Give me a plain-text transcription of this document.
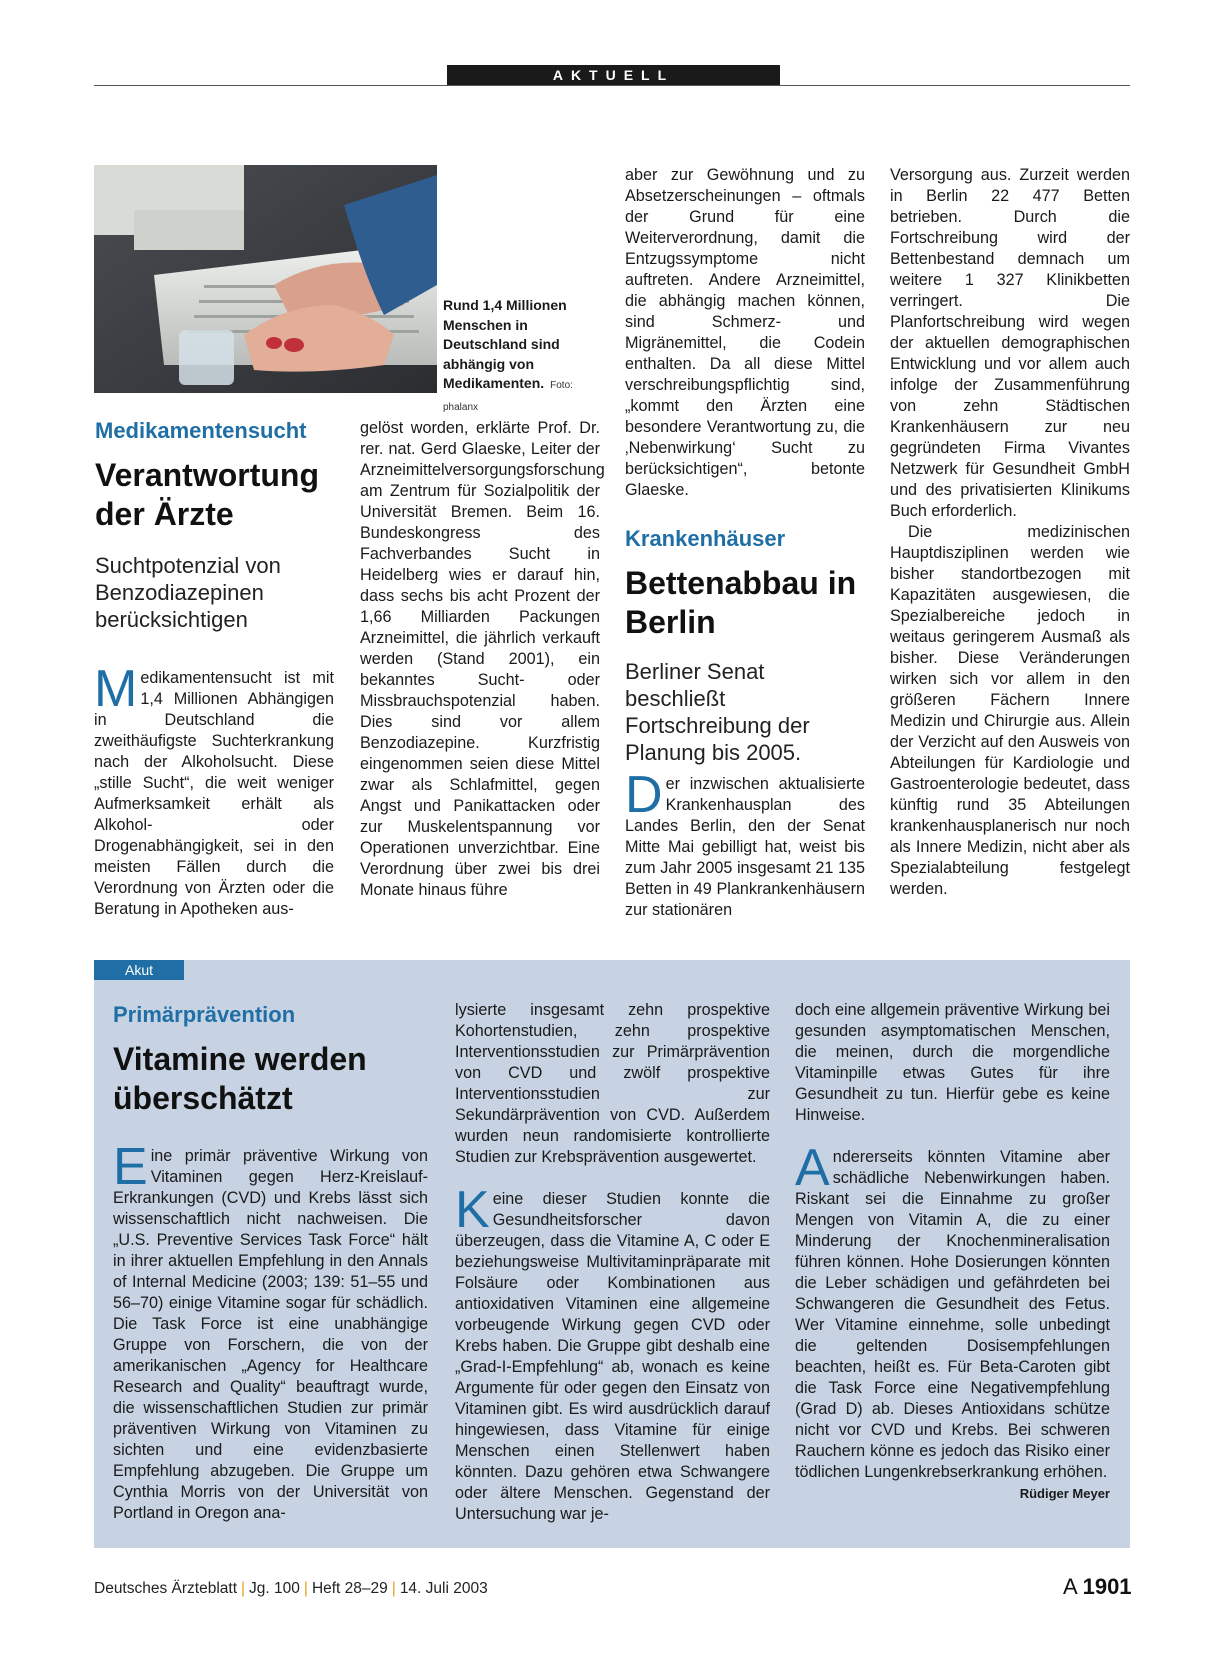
AKTUELL
Rund 1,4 Millionen Menschen in Deutschland sind abhängig von Medikamenten. Foto: phalanx
Medikamentensucht
Verantwortung der Ärzte
Suchtpotenzial von Benzodiazepinen berücksichtigen
Medikamentensucht ist mit 1,4 Millionen Abhängigen in Deutschland die zweithäufigste Suchterkrankung nach der Alkoholsucht. Diese „stille Sucht“, die weit weniger Aufmerksamkeit erhält als Alkohol- oder Drogenabhängigkeit, sei in den meisten Fällen durch die Verordnung von Ärzten oder die Beratung in Apotheken aus-
gelöst worden, erklärte Prof. Dr. rer. nat. Gerd Glaeske, Leiter der Arzneimittelversorgungsforschung am Zentrum für Sozialpolitik der Universität Bremen. Beim 16. Bundeskongress des Fachverbandes Sucht in Heidelberg wies er darauf hin, dass sechs bis acht Prozent der 1,66 Milliarden Packungen Arzneimittel, die jährlich verkauft werden (Stand 2001), ein bekanntes Sucht- oder Missbrauchspotenzial haben. Dies sind vor allem Benzodiazepine. Kurzfristig eingenommen seien diese Mittel zwar als Schlafmittel, gegen Angst und Panikattacken oder zur Muskelentspannung vor Operationen unverzichtbar. Eine Verordnung über zwei bis drei Monate hinaus führe
aber zur Gewöhnung und zu Absetzerscheinungen – oftmals der Grund für eine Weiterverordnung, damit die Entzugssymptome nicht auftreten. Andere Arzneimittel, die abhängig machen können, sind Schmerz- und Migränemittel, die Codein enthalten. Da all diese Mittel verschreibungspflichtig sind, „kommt den Ärzten eine besondere Verantwortung zu, die ‚Nebenwirkung‘ Sucht zu berücksichtigen“, betonte Glaeske.
Krankenhäuser
Bettenabbau in Berlin
Berliner Senat beschließt Fortschreibung der Planung bis 2005.
Der inzwischen aktualisierte Krankenhausplan des Landes Berlin, den der Senat Mitte Mai gebilligt hat, weist bis zum Jahr 2005 insgesamt 21 135 Betten in 49 Plankrankenhäusern zur stationären
Versorgung aus. Zurzeit werden in Berlin 22 477 Betten betrieben. Durch die Fortschreibung wird der Bettenbestand demnach um weitere 1 327 Klinikbetten verringert. Die Planfortschreibung wird wegen der aktuellen demographischen Entwicklung und vor allem auch infolge der Zusammenführung von zehn Städtischen Krankenhäusern zur neu gegründeten Firma Vivantes Netzwerk für Gesundheit GmbH und des privatisierten Klinikums Buch erforderlich.
Die medizinischen Hauptdisziplinen werden wie bisher standortbezogen mit Kapazitäten ausgewiesen, die Spezialbereiche jedoch in weitaus geringerem Ausmaß als bisher. Diese Veränderungen wirken sich vor allem in den größeren Fächern Innere Medizin und Chirurgie aus. Allein der Verzicht auf den Ausweis von Abteilungen für Kardiologie und Gastroenterologie bedeutet, dass künftig rund 35 Abteilungen krankenhausplanerisch nur noch als Innere Medizin, nicht aber als Spezialabteilung festgelegt werden.
Akut
Primärprävention
Vitamine werden überschätzt
Eine primär präventive Wirkung von Vitaminen gegen Herz-Kreislauf-Erkrankungen (CVD) und Krebs lässt sich wissenschaftlich nicht nachweisen. Die „U.S. Preventive Services Task Force“ hält in ihrer aktuellen Empfehlung in den Annals of Internal Medicine (2003; 139: 51–55 und 56–70) einige Vitamine sogar für schädlich. Die Task Force ist eine unabhängige Gruppe von Forschern, die von der amerikanischen „Agency for Healthcare Research and Quality“ beauftragt wurde, die wissenschaftlichen Studien zur primär präventiven Wirkung von Vitaminen zu sichten und eine evidenzbasierte Empfehlung abzugeben. Die Gruppe um Cynthia Morris von der Universität von Portland in Oregon ana-
lysierte insgesamt zehn prospektive Kohortenstudien, zehn prospektive Interventionsstudien zur Primärprävention von CVD und zwölf prospektive Interventionsstudien zur Sekundärprävention von CVD. Außerdem wurden neun randomisierte kontrollierte Studien zur Krebsprävention ausgewertet.
Keine dieser Studien konnte die Gesundheitsforscher davon überzeugen, dass die Vitamine A, C oder E beziehungsweise Multivitaminpräparate mit Folsäure oder Kombinationen aus antioxidativen Vitaminen eine allgemeine vorbeugende Wirkung gegen CVD oder Krebs haben. Die Gruppe gibt deshalb eine „Grad-I-Empfehlung“ ab, wonach es keine Argumente für oder gegen den Einsatz von Vitaminen gibt. Es wird ausdrücklich darauf hingewiesen, dass Vitamine für einige Menschen einen Stellenwert haben könnten. Dazu gehören etwa Schwangere oder ältere Menschen. Gegenstand der Untersuchung war je-
doch eine allgemein präventive Wirkung bei gesunden asymptomatischen Menschen, die meinen, durch die morgendliche Vitaminpille etwas Gutes für ihre Gesundheit zu tun. Hierfür gebe es keine Hinweise.
Andererseits könnten Vitamine aber schädliche Nebenwirkungen haben. Riskant sei die Einnahme zu großer Mengen von Vitamin A, die zu einer Minderung der Knochenmineralisation führen können. Hohe Dosierungen könnten die Leber schädigen und gefährdeten bei Schwangeren die Gesundheit des Fetus. Wer Vitamine einnehme, solle unbedingt die geltenden Dosisempfehlungen beachten, heißt es. Für Beta-Caroten gibt die Task Force eine Negativempfehlung (Grad D) ab. Dieses Antioxidans schütze nicht vor CVD und Krebs. Bei schweren Rauchern könne es jedoch das Risiko einer tödlichen Lungenkrebserkrankung erhöhen.
Rüdiger Meyer
Deutsches Ärzteblatt | Jg. 100 | Heft 28–29 | 14. Juli 2003	A 1901
